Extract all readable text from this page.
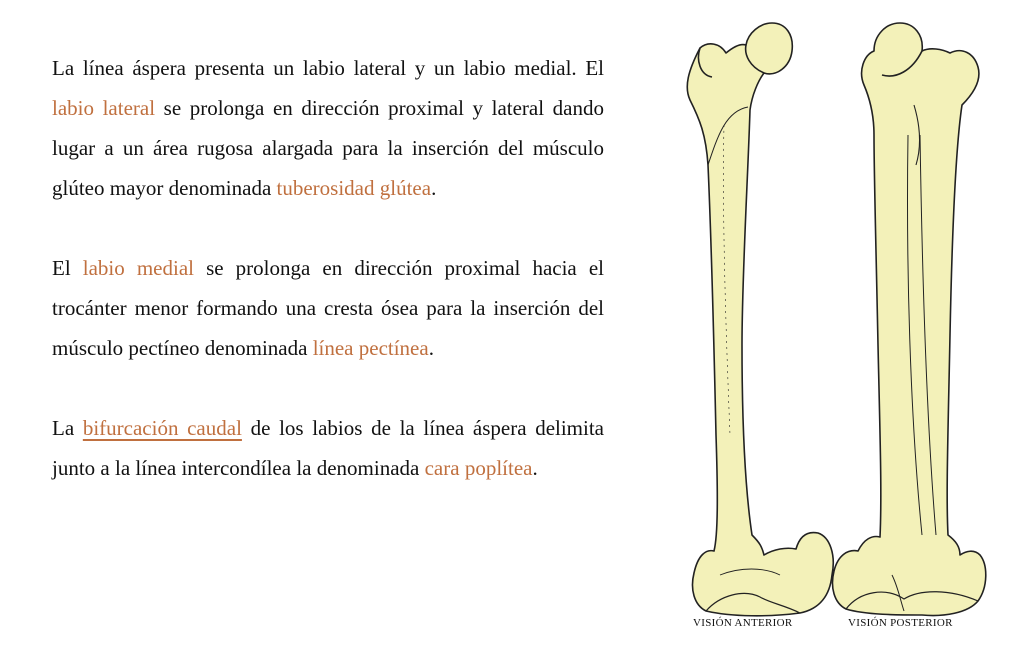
La línea áspera presenta un labio lateral y un labio medial. El labio lateral se prolonga en dirección proximal y lateral dando lugar a un área rugosa alargada para la inserción del músculo glúteo mayor denominada tuberosidad glútea.

El labio medial se prolonga en dirección proximal hacia el trocánter menor formando una cresta ósea para la inserción del músculo pectíneo denominada línea pectínea.

La bifurcación caudal de los labios de la línea áspera delimita junto a la línea intercondílea la denominada cara poplítea.

VISIÓN ANTERIOR	VISIÓN POSTERIOR
